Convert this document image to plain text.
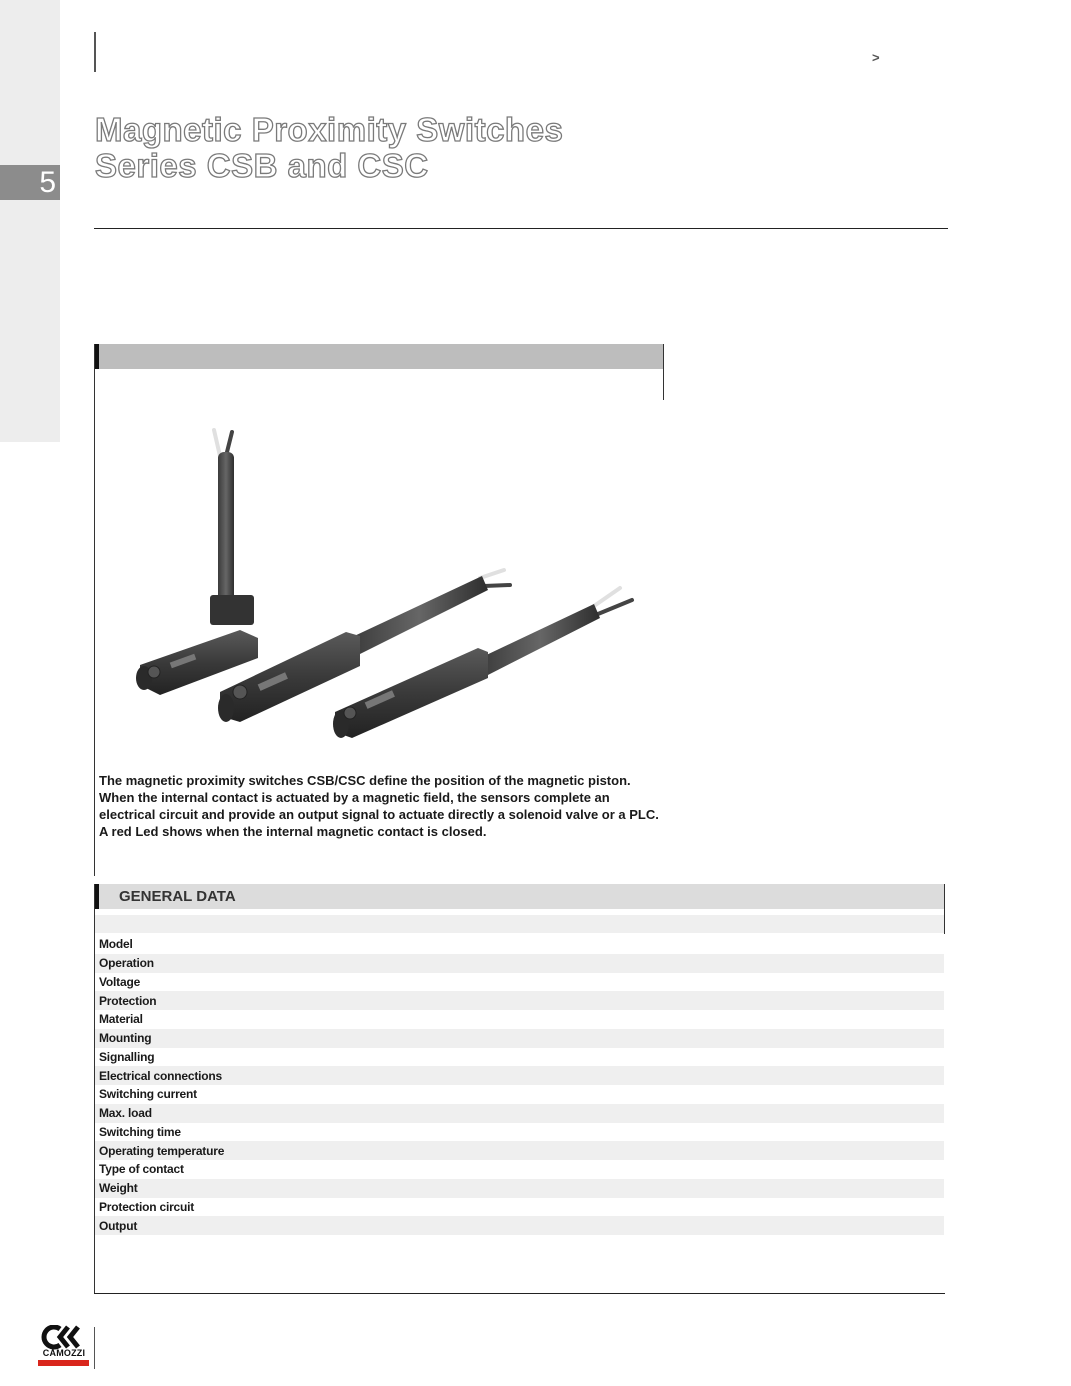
5
>
Magnetic Proximity Switches
Series CSB and CSC

The magnetic proximity switches CSB/CSC define the position of the magnetic piston.

When the internal contact is actuated by a magnetic field, the sensors complete an

electrical circuit and provide an output signal to actuate directly a solenoid valve or a PLC.

A red Led shows when the internal magnetic contact is closed.

GENERAL DATA
Model
Operation
Voltage
Protection
Material
Mounting
Signalling
Electrical connections
Switching current
Max. load
Switching time
Operating temperature
Type of contact
Weight
Protection circuit
Output
CAMOZZI
